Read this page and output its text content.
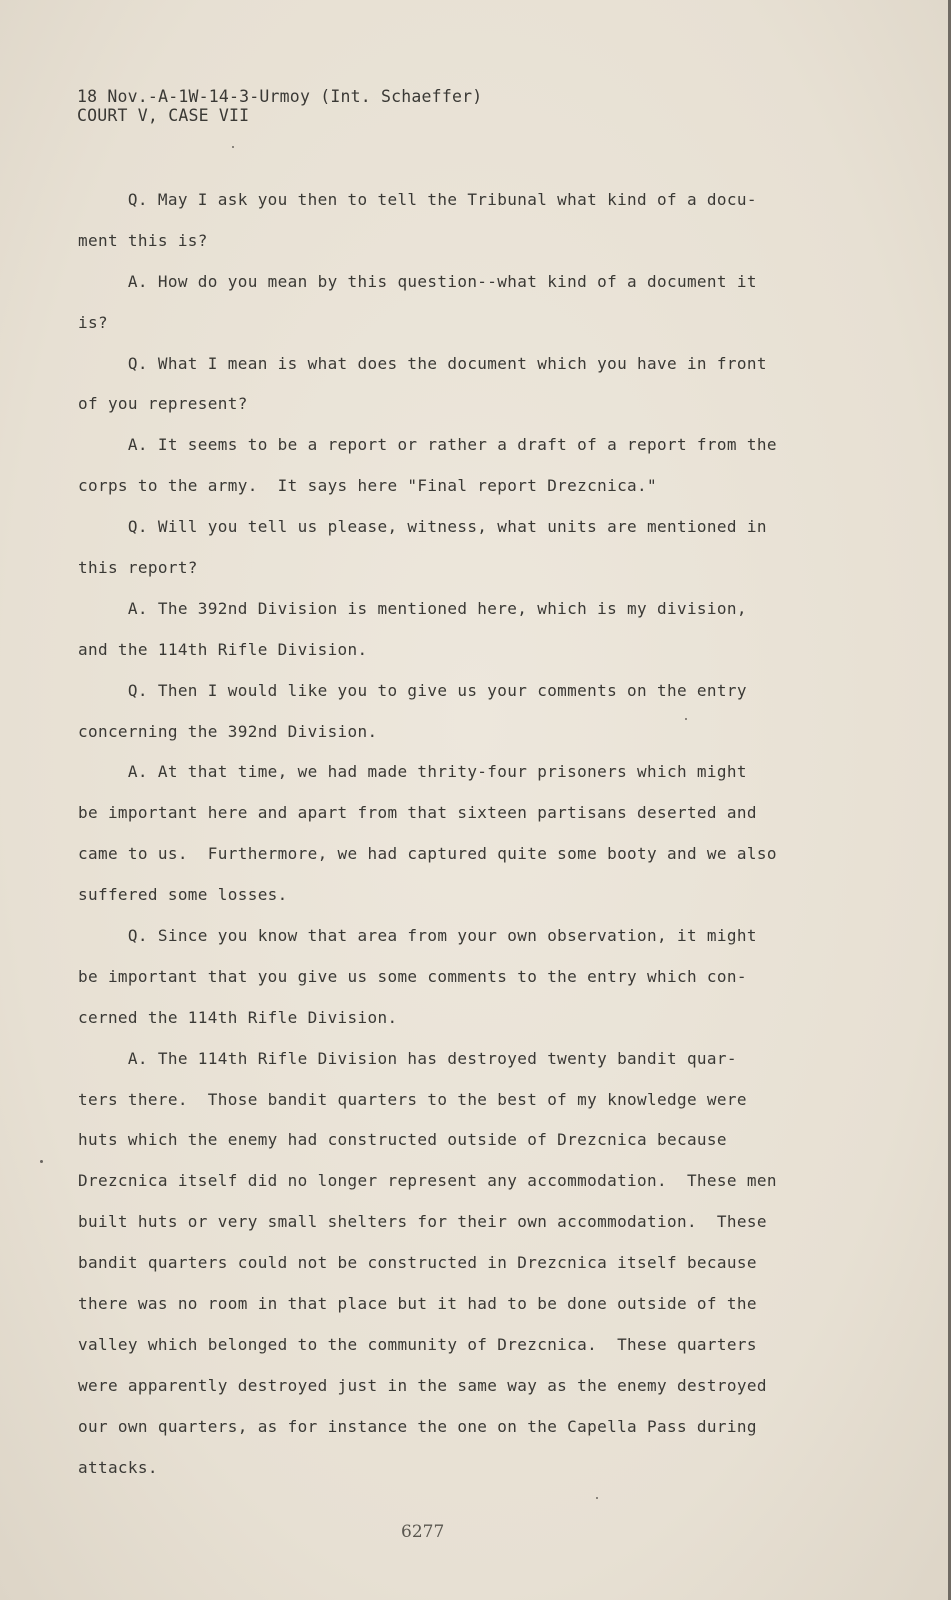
18 Nov.-A-1W-14-3-Urmoy (Int. Schaeffer)
COURT V, CASE VII
Q. May I ask you then to tell the Tribunal what kind of a docu-
ment this is?
A. How do you mean by this question--what kind of a document it
is?
Q. What I mean is what does the document which you have in front
of you represent?
A. It seems to be a report or rather a draft of a report from the
corps to the army.  It says here "Final report Drezcnica."
Q. Will you tell us please, witness, what units are mentioned in
this report?
A. The 392nd Division is mentioned here, which is my division,
and the 114th Rifle Division.
Q. Then I would like you to give us your comments on the entry
concerning the 392nd Division.
A. At that time, we had made thrity-four prisoners which might
be important here and apart from that sixteen partisans deserted and
came to us.  Furthermore, we had captured quite some booty and we also
suffered some losses.
Q. Since you know that area from your own observation, it might
be important that you give us some comments to the entry which con-
cerned the 114th Rifle Division.
A. The 114th Rifle Division has destroyed twenty bandit quar-
ters there.  Those bandit quarters to the best of my knowledge were
huts which the enemy had constructed outside of Drezcnica because
Drezcnica itself did no longer represent any accommodation.  These men
built huts or very small shelters for their own accommodation.  These
bandit quarters could not be constructed in Drezcnica itself because
there was no room in that place but it had to be done outside of the
valley which belonged to the community of Drezcnica.  These quarters
were apparently destroyed just in the same way as the enemy destroyed
our own quarters, as for instance the one on the Capella Pass during
attacks.
6277
